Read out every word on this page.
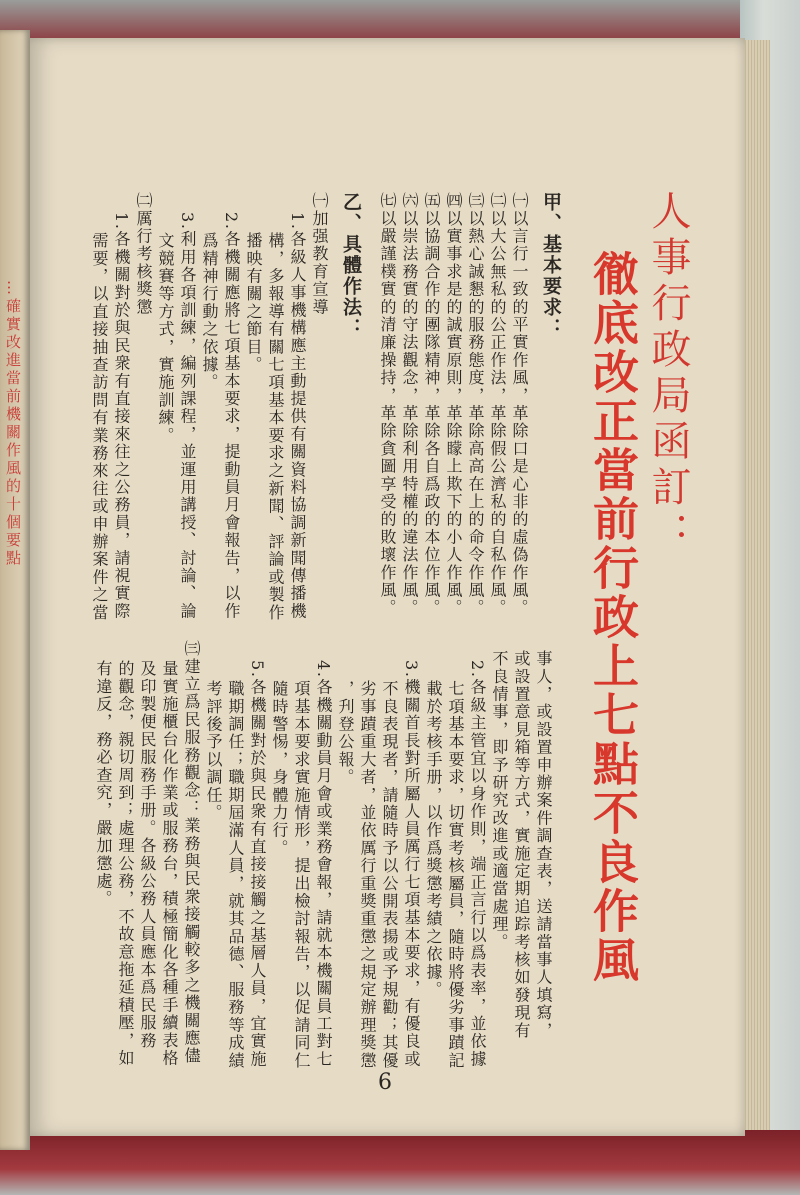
…確實改進當前機關作風的十個要點	人事行政局函訂：
徹底改正當前行政上七點不良作風
甲、基本要求：
㈠以言行一致的平實作風，革除口是心非的虛偽作風。
㈡以大公無私的公正作法，革除假公濟私的自私作風。
㈢以熱心誠懇的服務態度，革除高高在上的命令作風。
㈣以實事求是的誠實原則，革除矇上欺下的小人作風。
㈤以協調合作的團隊精神，革除各自爲政的本位作風。
㈥以崇法務實的守法觀念，革除利用特權的違法作風。
㈦以嚴謹樸實的清廉操持，革除貪圖享受的敗壞作風。
乙、具體作法：
㈠加强教育宣導
1.各級人事機構應主動提供有關資料協調新聞傳播機
構，多報導有關七項基本要求之新聞、評論或製作
播映有關之節目。
2.各機關應將七項基本要求，提動員月會報告，以作
爲精神行動之依據。
3.利用各項訓練，編列課程，並運用講授、討論、論
文競賽等方式，實施訓練。
㈡厲行考核獎懲
1.各機關對於與民衆有直接來往之公務員，請視實際
需要，以直接抽查訪問有業務來往或申辦案件之當
事人，或設置申辦案件調查表，送請當事人填寫，
或設置意見箱等方式，實施定期追踪考核如發現有
不良情事，即予研究改進或適當處理。
2.各級主管宜以身作則，端正言行以爲表率，並依據
七項基本要求，切實考核屬員，隨時將優劣事蹟記
載於考核手册，以作爲獎懲考績之依據。
3.機關首長對所屬人員厲行七項基本要求，有優良或
不良表現者，請隨時予以公開表揚或予規勸；其優
劣事蹟重大者，並依厲行重獎重懲之規定辦理獎懲
，刋登公報。
4.各機關動員月會或業務會報，請就本機關員工對七
項基本要求實施情形，提出檢討報告，以促請同仁
隨時警惕，身體力行。
5.各機關對於與民衆有直接接觸之基層人員，宜實施
職期調任；職期屆滿人員，就其品德、服務等成績
考評後予以調任。
㈢建立爲民服務觀念：業務與民衆接觸較多之機關應儘
量實施櫃台化作業或服務台，積極簡化各種手續表格
及印製便民服務手册。各級公務人員應本爲民服務
的觀念，親切周到；處理公務，不故意拖延積壓，如
有違反，務必查究，嚴加懲處。
6
